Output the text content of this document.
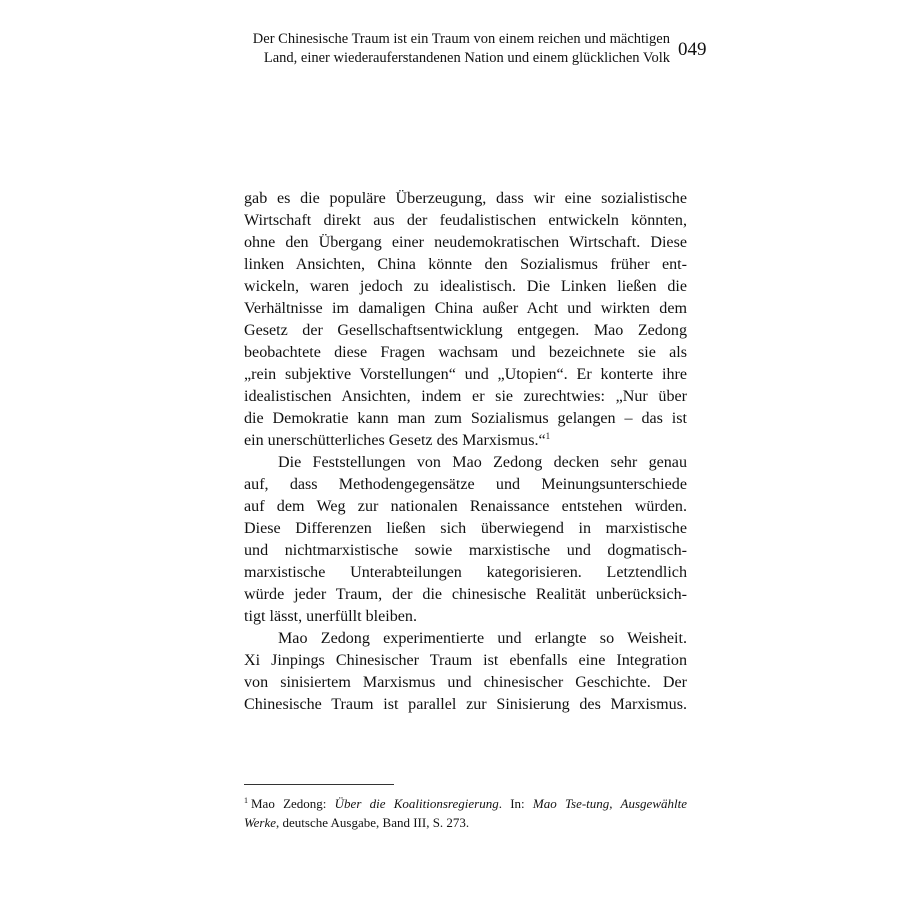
Der Chinesische Traum ist ein Traum von einem reichen und mächtigen
Land, einer wiederauferstandenen Nation und einem glücklichen Volk 049

gab es die populäre Überzeugung, dass wir eine sozialistische
Wirtschaft direkt aus der feudalistischen entwickeln könnten,
ohne den Übergang einer neudemokratischen Wirtschaft. Diese
linken Ansichten, China könnte den Sozialismus früher ent-
wickeln, waren jedoch zu idealistisch. Die Linken ließen die
Verhältnisse im damaligen China außer Acht und wirkten dem
Gesetz der Gesellschaftsentwicklung entgegen. Mao Zedong
beobachtete diese Fragen wachsam und bezeichnete sie als
„rein subjektive Vorstellungen“ und „Utopien“. Er konterte ihre
idealistischen Ansichten, indem er sie zurechtwies: „Nur über
die Demokratie kann man zum Sozialismus gelangen – das ist
ein unerschütterliches Gesetz des Marxismus.“$^1$

Die Feststellungen von Mao Zedong decken sehr genau
auf, dass Methodengegensätze und Meinungsunterschiede
auf dem Weg zur nationalen Renaissance entstehen würden.
Diese Differenzen ließen sich überwiegend in marxistische
und nichtmarxistische sowie marxistische und dogmatisch-
marxistische Unterabteilungen kategorisieren. Letztendlich
würde jeder Traum, der die chinesische Realität unberücksich-
tigt lässt, unerfüllt bleiben.

Mao Zedong experimentierte und erlangte so Weisheit.
Xi Jinpings Chinesischer Traum ist ebenfalls eine Integration
von sinisiertem Marxismus und chinesischer Geschichte. Der
Chinesische Traum ist parallel zur Sinisierung des Marxismus.

$^1$ Mao Zedong: Über die Koalitionsregierung. In: Mao Tse-tung, Ausgewählte
Werke, deutsche Ausgabe, Band III, S. 273.
